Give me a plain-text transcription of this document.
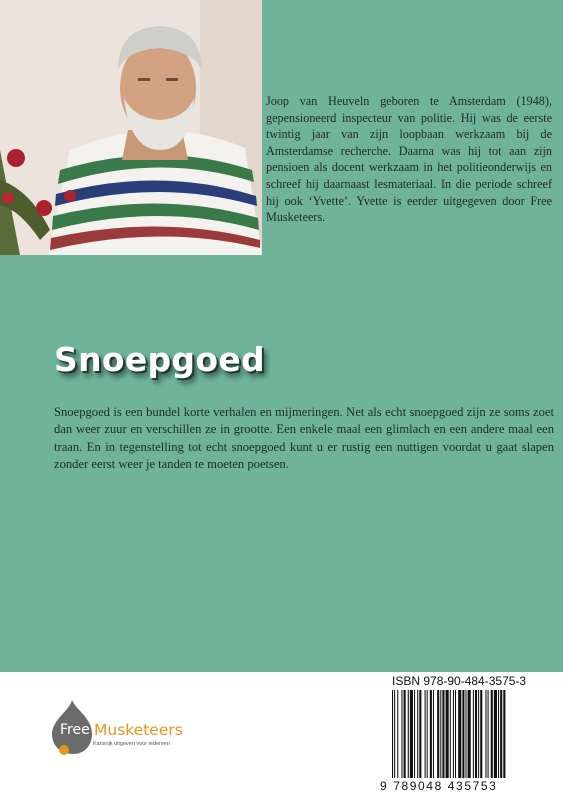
Joop van Heuveln geboren te Amsterdam (1948), gepensioneerd inspecteur van politie. Hij was de eerste twintig jaar van zijn loopbaan werkzaam bij de Amsterdamse recherche. Daarna was hij tot aan zijn pensioen als docent werkzaam in het politieonderwijs en schreef hij daarnaast lesmateriaal. In die periode schreef hij ook ‘Yvette’. Yvette is eerder uitgegeven door Free Musketeers.

Snoepgoed

Snoepgoed is een bundel korte verhalen en mijmeringen. Net als echt snoepgoed zijn ze soms zoet dan weer zuur en verschillen ze in grootte. Een enkele maal een glimlach en een andere maal een traan. En in tegenstelling tot echt snoepgoed kunt u er rustig een nuttigen voordat u gaat slapen zonder eerst weer je tanden te moeten poetsen.

Free Musketeers
Kansrijk uitgeven voor iedereen
ISBN 978-90-484-3575-3
9 789048 435753
